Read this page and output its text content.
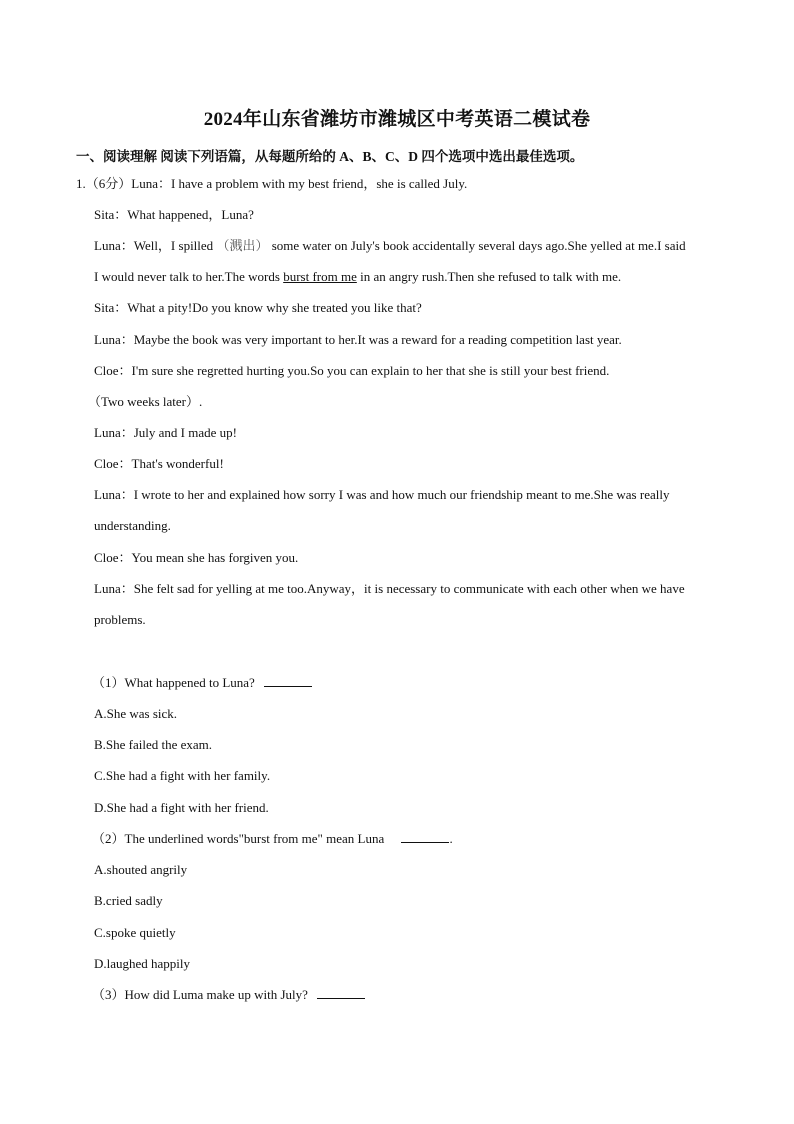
2024年山东省潍坊市潍城区中考英语二模试卷
一、阅读理解 阅读下列语篇，从每题所给的 A、B、C、D 四个选项中选出最佳选项。
1.（6分）Luna：I have a problem with my best friend，she is called July.
Sita：What happened，Luna?
Luna：Well，I spilled （溅出） some water on July's book accidentally several days ago.She yelled at me.I said
I would never talk to her.The words burst from me in an angry rush.Then she refused to talk with me.
Sita：What a pity!Do you know why she treated you like that?
Luna：Maybe the book was very important to her.It was a reward for a reading competition last year.
Cloe：I'm sure she regretted hurting you.So you can explain to her that she is still your best friend.
（Two weeks later）.
Luna：July and I made up!
Cloe：That's wonderful!
Luna：I wrote to her and explained how sorry I was and how much our friendship meant to me.She was really
understanding.
Cloe：You mean she has forgiven you.
Luna：She felt sad for yelling at me too.Anyway，it is necessary to communicate with each other when we have
problems.
（1）What happened to Luna?
A.She was sick.
B.She failed the exam.
C.She had a fight with her family.
D.She had a fight with her friend.
（2）The underlined words"burst from me" mean Luna	.
A.shouted angrily
B.cried sadly
C.spoke quietly
D.laughed happily
（3）How did Luma make up with July?
